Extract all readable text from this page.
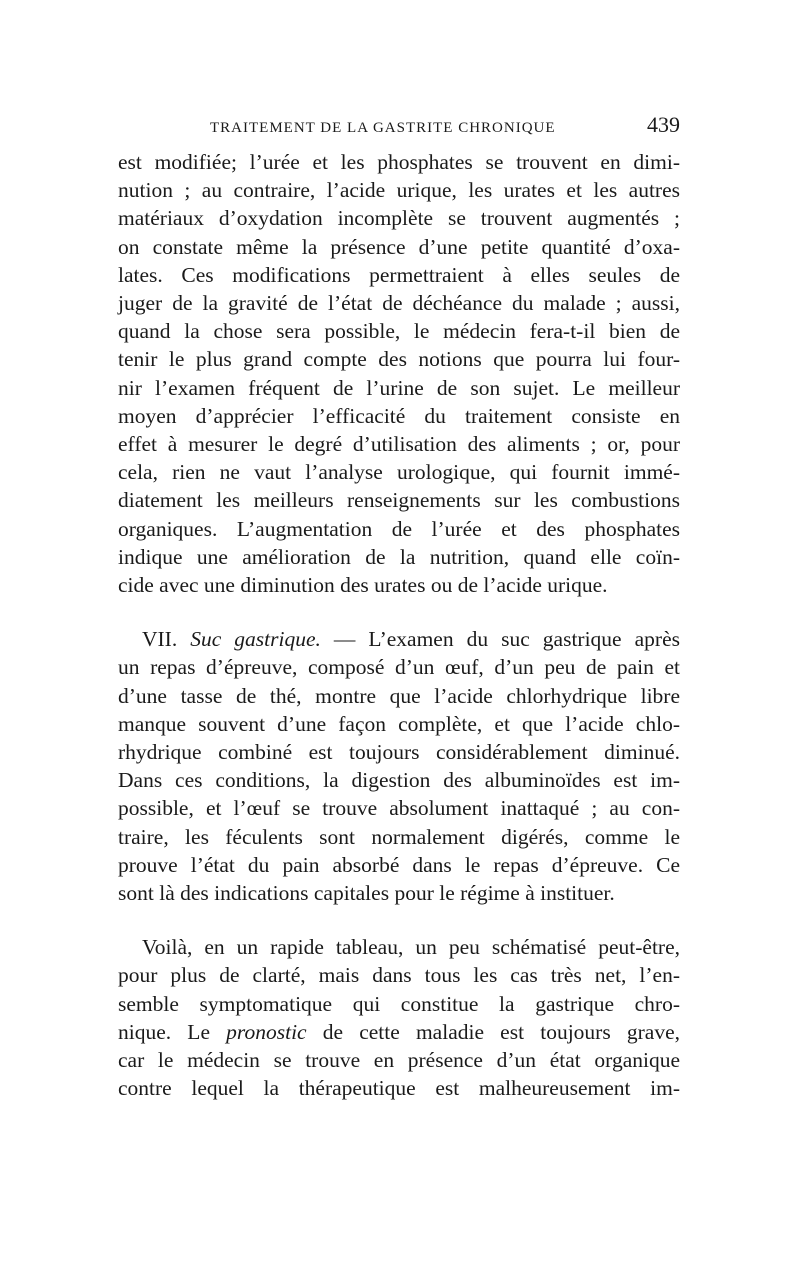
TRAITEMENT DE LA GASTRITE CHRONIQUE	439

est modifiée; l’urée et les phosphates se trouvent en dimi-
nution ; au contraire, l’acide urique, les urates et les autres
matériaux d’oxydation incomplète se trouvent augmentés ;
on constate même la présence d’une petite quantité d’oxa-
lates. Ces modifications permettraient à elles seules de
juger de la gravité de l’état de déchéance du malade ; aussi,
quand la chose sera possible, le médecin fera-t-il bien de
tenir le plus grand compte des notions que pourra lui four-
nir l’examen fréquent de l’urine de son sujet. Le meilleur
moyen d’apprécier l’efficacité du traitement consiste en
effet à mesurer le degré d’utilisation des aliments ; or, pour
cela, rien ne vaut l’analyse urologique, qui fournit immé-
diatement les meilleurs renseignements sur les combustions
organiques. L’augmentation de l’urée et des phosphates
indique une amélioration de la nutrition, quand elle coïn-
cide avec une diminution des urates ou de l’acide urique.

VII. Suc gastrique. — L’examen du suc gastrique après
un repas d’épreuve, composé d’un œuf, d’un peu de pain et
d’une tasse de thé, montre que l’acide chlorhydrique libre
manque souvent d’une façon complète, et que l’acide chlo-
rhydrique combiné est toujours considérablement diminué.
Dans ces conditions, la digestion des albuminoïdes est im-
possible, et l’œuf se trouve absolument inattaqué ; au con-
traire, les féculents sont normalement digérés, comme le
prouve l’état du pain absorbé dans le repas d’épreuve. Ce
sont là des indications capitales pour le régime à instituer.

Voilà, en un rapide tableau, un peu schématisé peut-être,
pour plus de clarté, mais dans tous les cas très net, l’en-
semble symptomatique qui constitue la gastrique chro-
nique. Le pronostic de cette maladie est toujours grave,
car le médecin se trouve en présence d’un état organique
contre lequel la thérapeutique est malheureusement im-
